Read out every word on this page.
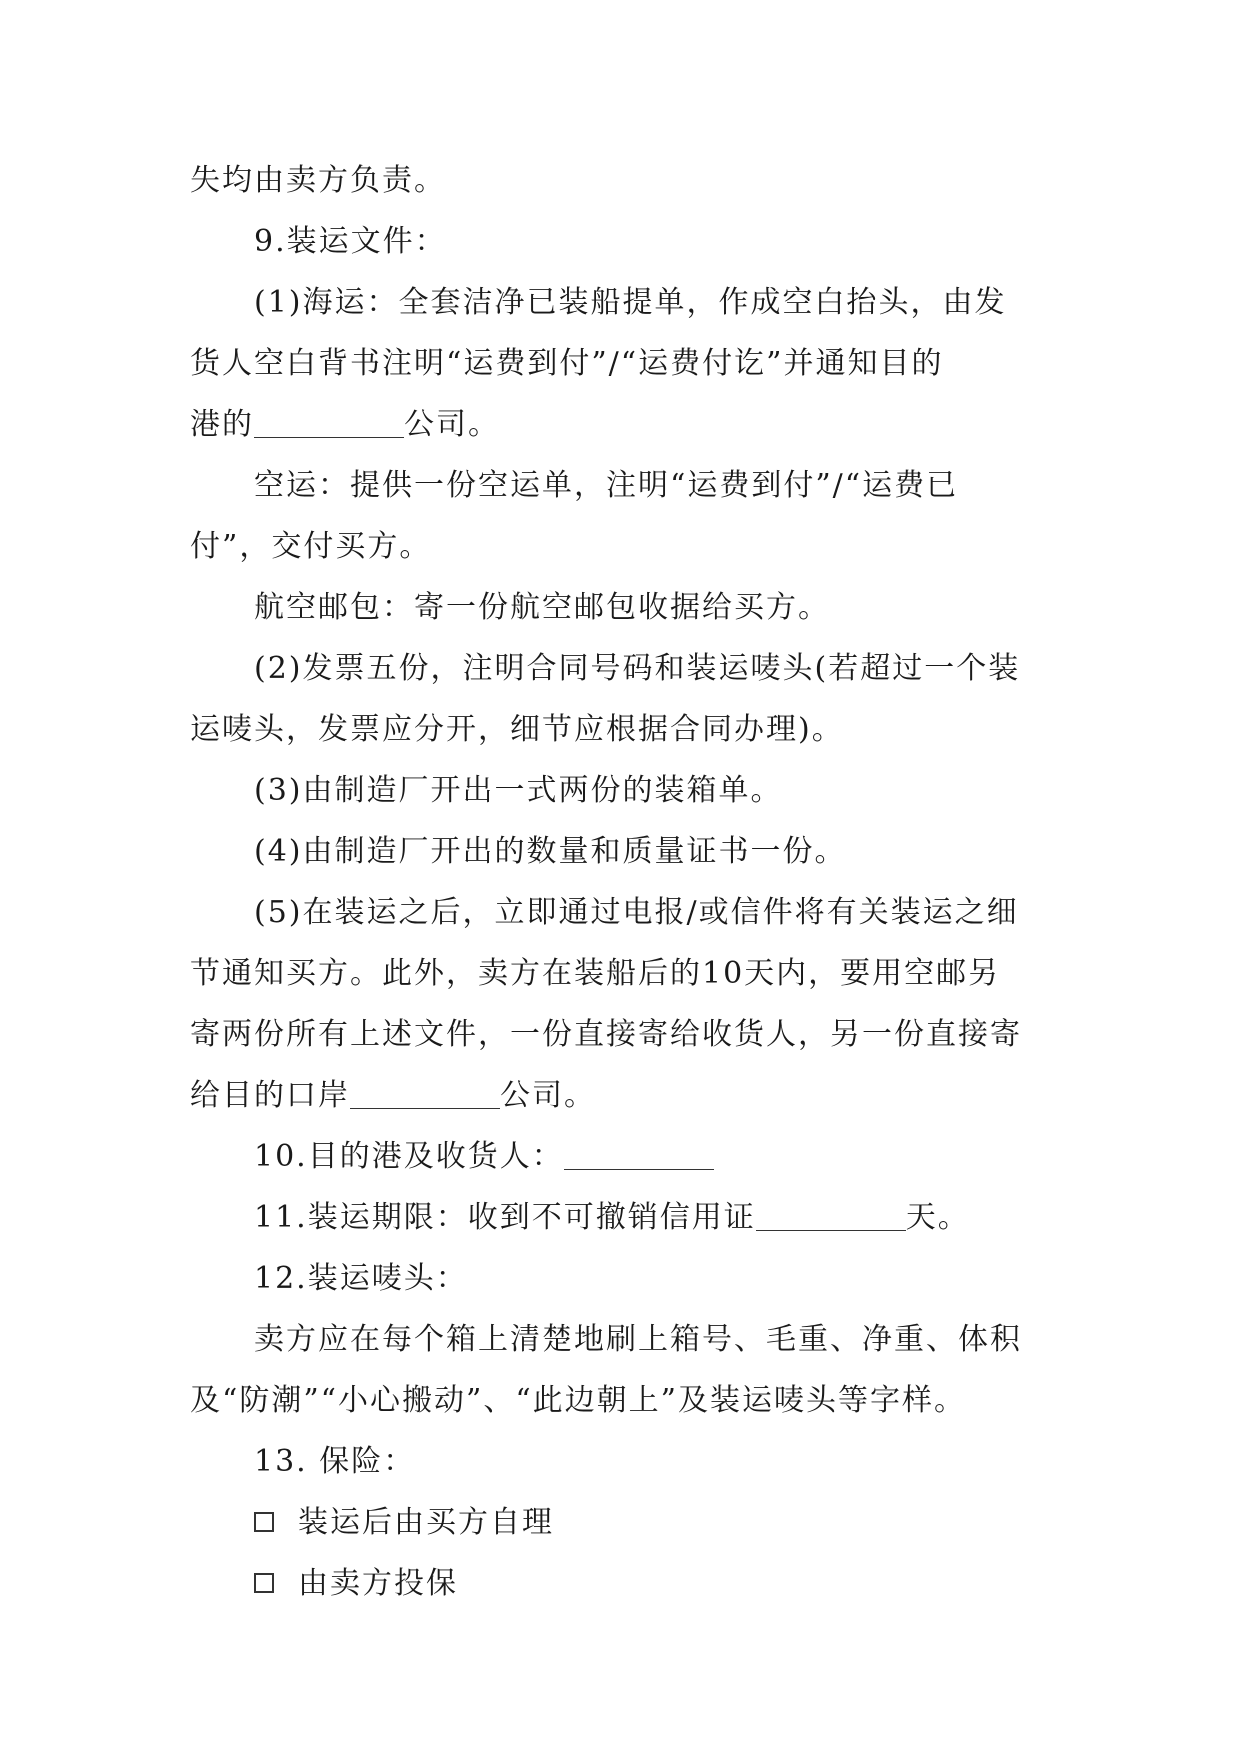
失均由卖方负责。
9.装运文件：
(1)海运：全套洁净已装船提单，作成空白抬头，由发
货人空白背书注明“运费到付”/“运费付讫”并通知目的
港的	公司。
空运：提供一份空运单，注明“运费到付”/“运费已
付”，交付买方。
航空邮包：寄一份航空邮包收据给买方。
(2)发票五份，注明合同号码和装运唛头(若超过一个装
运唛头，发票应分开，细节应根据合同办理)。
(3)由制造厂开出一式两份的装箱单。
(4)由制造厂开出的数量和质量证书一份。
(5)在装运之后，立即通过电报/或信件将有关装运之细
节通知买方。此外，卖方在装船后的10天内，要用空邮另
寄两份所有上述文件，一份直接寄给收货人，另一份直接寄
给目的口岸	公司。
10.目的港及收货人：
11.装运期限：收到不可撤销信用证	天。
12.装运唛头：
卖方应在每个箱上清楚地刷上箱号、毛重、净重、体积
及“防潮”“小心搬动”、“此边朝上”及装运唛头等字样。
13. 保险：
装运后由买方自理
由卖方投保
